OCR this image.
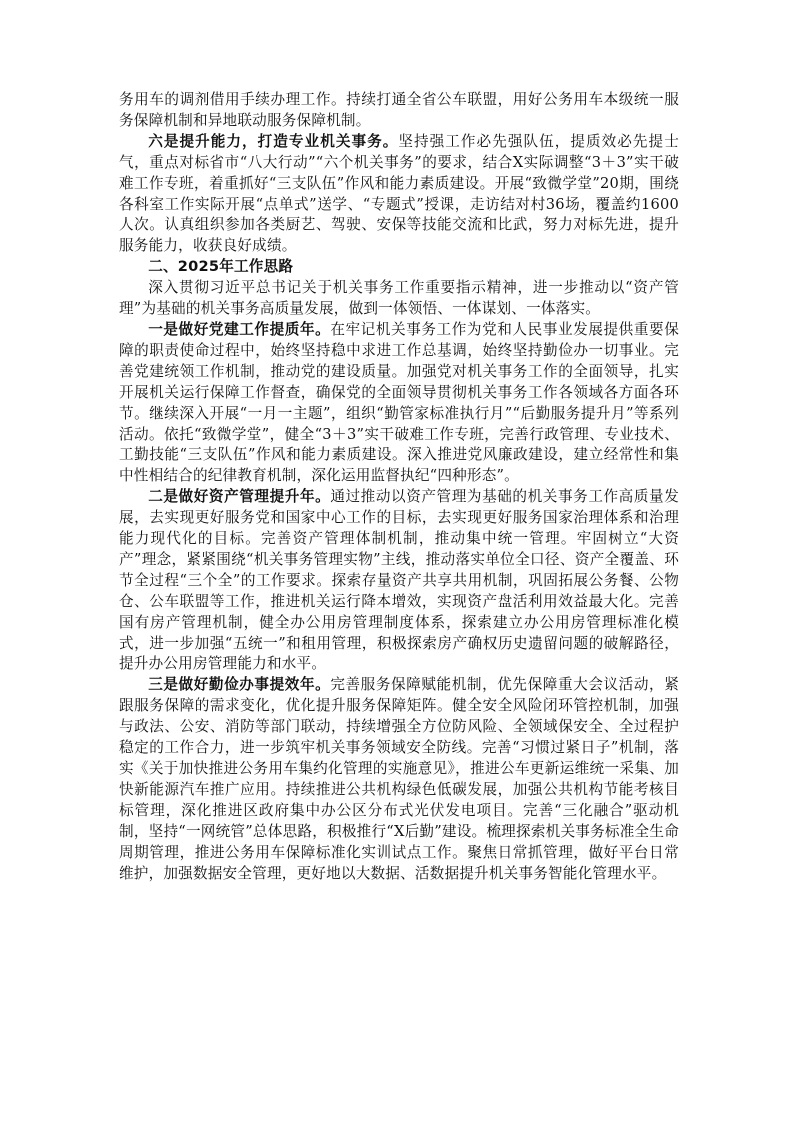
务用车的调剂借用手续办理工作。持续打通全省公车联盟，用好公务用车本级统一服务保障机制和异地联动服务保障机制。

六是提升能力，打造专业机关事务。坚持强工作必先强队伍，提质效必先提士气，重点对标省市“八大行动”“六个机关事务”的要求，结合X实际调整“3＋3”实干破难工作专班，着重抓好“三支队伍”作风和能力素质建设。开展“致微学堂”20期，围绕各科室工作实际开展“点单式”送学、“专题式”授课，走访结对村36场，覆盖约1600人次。认真组织参加各类厨艺、驾驶、安保等技能交流和比武，努力对标先进，提升服务能力，收获良好成绩。

二、2025年工作思路

深入贯彻习近平总书记关于机关事务工作重要指示精神，进一步推动以“资产管理”为基础的机关事务高质量发展，做到一体领悟、一体谋划、一体落实。

一是做好党建工作提质年。在牢记机关事务工作为党和人民事业发展提供重要保障的职责使命过程中，始终坚持稳中求进工作总基调，始终坚持勤俭办一切事业。完善党建统领工作机制，推动党的建设质量。加强党对机关事务工作的全面领导，扎实开展机关运行保障工作督查，确保党的全面领导贯彻机关事务工作各领域各方面各环节。继续深入开展“一月一主题”，组织“勤管家标准执行月”“后勤服务提升月”等系列活动。依托“致微学堂”，健全“3＋3”实干破难工作专班，完善行政管理、专业技术、工勤技能“三支队伍”作风和能力素质建设。深入推进党风廉政建设，建立经常性和集中性相结合的纪律教育机制，深化运用监督执纪“四种形态”。

二是做好资产管理提升年。通过推动以资产管理为基础的机关事务工作高质量发展，去实现更好服务党和国家中心工作的目标，去实现更好服务国家治理体系和治理能力现代化的目标。完善资产管理体制机制，推动集中统一管理。牢固树立“大资产”理念，紧紧围绕“机关事务管理实物”主线，推动落实单位全口径、资产全覆盖、环节全过程“三个全”的工作要求。探索存量资产共享共用机制，巩固拓展公务餐、公物仓、公车联盟等工作，推进机关运行降本增效，实现资产盘活利用效益最大化。完善国有房产管理机制，健全办公用房管理制度体系，探索建立办公用房管理标准化模式，进一步加强“五统一”和租用管理，积极探索房产确权历史遗留问题的破解路径，提升办公用房管理能力和水平。

三是做好勤俭办事提效年。完善服务保障赋能机制，优先保障重大会议活动，紧跟服务保障的需求变化，优化提升服务保障矩阵。健全安全风险闭环管控机制，加强与政法、公安、消防等部门联动，持续增强全方位防风险、全领域保安全、全过程护稳定的工作合力，进一步筑牢机关事务领域安全防线。完善“习惯过紧日子”机制，落实《关于加快推进公务用车集约化管理的实施意见》，推进公车更新运维统一采集、加快新能源汽车推广应用。持续推进公共机构绿色低碳发展，加强公共机构节能考核目标管理，深化推进区政府集中办公区分布式光伏发电项目。完善“三化融合”驱动机制，坚持“一网统管”总体思路，积极推行“X后勤”建设。梳理探索机关事务标准全生命周期管理，推进公务用车保障标准化实训试点工作。聚焦日常抓管理，做好平台日常维护，加强数据安全管理，更好地以大数据、活数据提升机关事务智能化管理水平。
